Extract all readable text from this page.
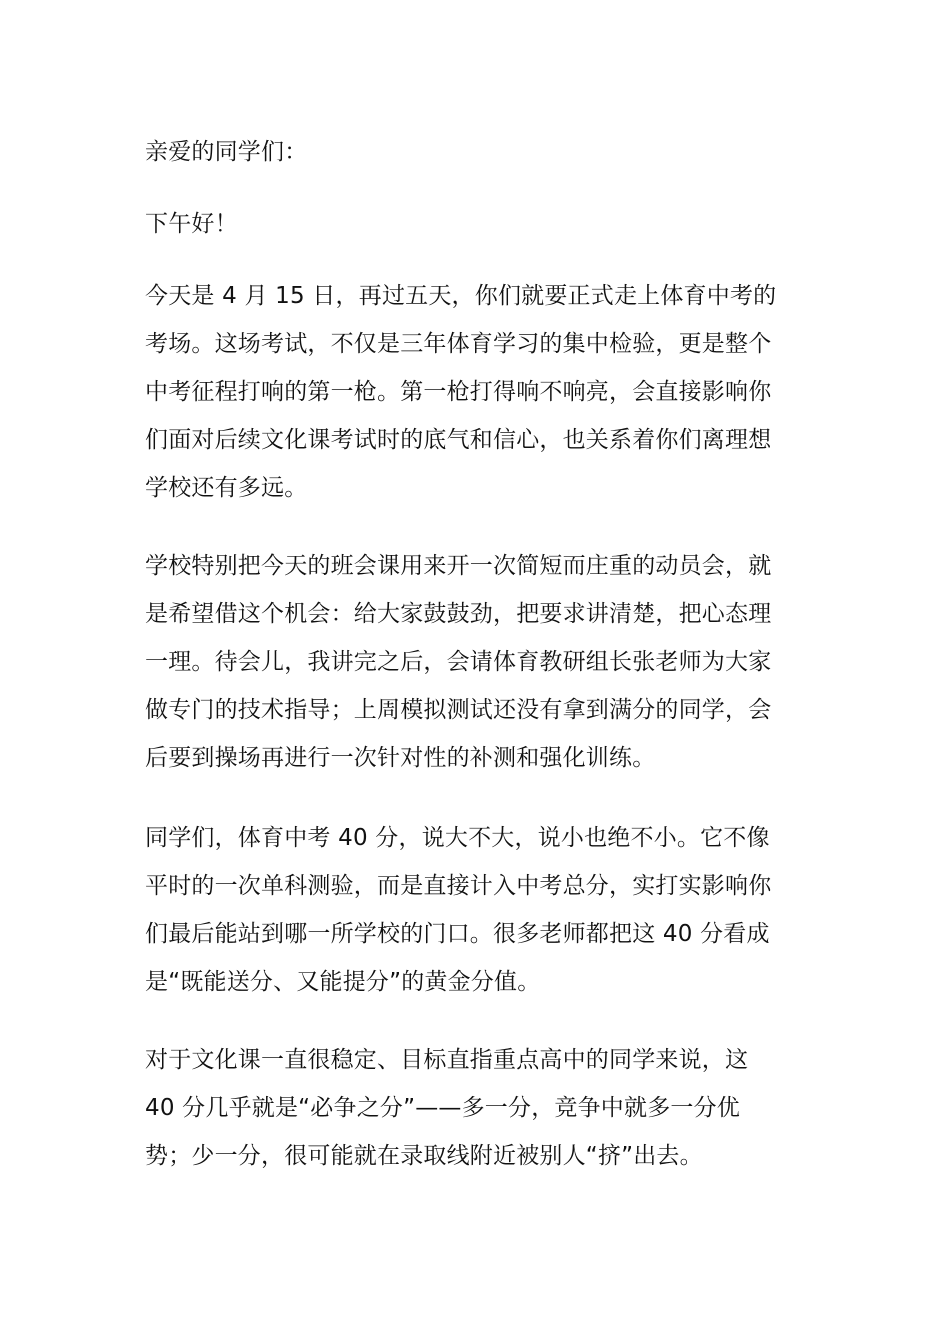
亲爱的同学们：
下午好！
今天是 4 月 15 日，再过五天，你们就要正式走上体育中考的
考场。这场考试，不仅是三年体育学习的集中检验，更是整个
中考征程打响的第一枪。第一枪打得响不响亮，会直接影响你
们面对后续文化课考试时的底气和信心，也关系着你们离理想
学校还有多远。
学校特别把今天的班会课用来开一次简短而庄重的动员会，就
是希望借这个机会：给大家鼓鼓劲，把要求讲清楚，把心态理
一理。待会儿，我讲完之后，会请体育教研组长张老师为大家
做专门的技术指导；上周模拟测试还没有拿到满分的同学，会
后要到操场再进行一次针对性的补测和强化训练。
同学们，体育中考 40 分，说大不大，说小也绝不小。它不像
平时的一次单科测验，而是直接计入中考总分，实打实影响你
们最后能站到哪一所学校的门口。很多老师都把这 40 分看成
是“既能送分、又能提分”的黄金分值。
对于文化课一直很稳定、目标直指重点高中的同学来说，这
40 分几乎就是“必争之分”——多一分，竞争中就多一分优
势；少一分，很可能就在录取线附近被别人“挤”出去。
